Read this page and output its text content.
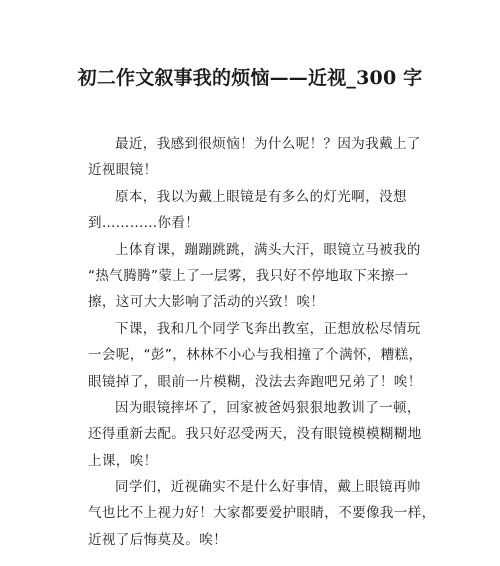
初二作文叙事我的烦恼——近视_300 字
最近，我感到很烦恼！为什么呢！？因为我戴上了
近视眼镜！
原本，我以为戴上眼镜是有多么的灯光啊，没想
到…………你看！
上体育课，蹦蹦跳跳，满头大汗，眼镜立马被我的
“热气腾腾”蒙上了一层雾，我只好不停地取下来擦一
擦，这可大大影响了活动的兴致！唉！
下课，我和几个同学飞奔出教室，正想放松尽情玩
一会呢，“彭”，林林不小心与我相撞了个满怀，糟糕，
眼镜掉了，眼前一片模糊，没法去奔跑吧兄弟了！唉！
因为眼镜摔坏了，回家被爸妈狠狠地教训了一顿，
还得重新去配。我只好忍受两天，没有眼镜模模糊糊地
上课，唉！
同学们，近视确实不是什么好事情，戴上眼镜再帅
气也比不上视力好！大家都要爱护眼睛，不要像我一样，
近视了后悔莫及。唉！
